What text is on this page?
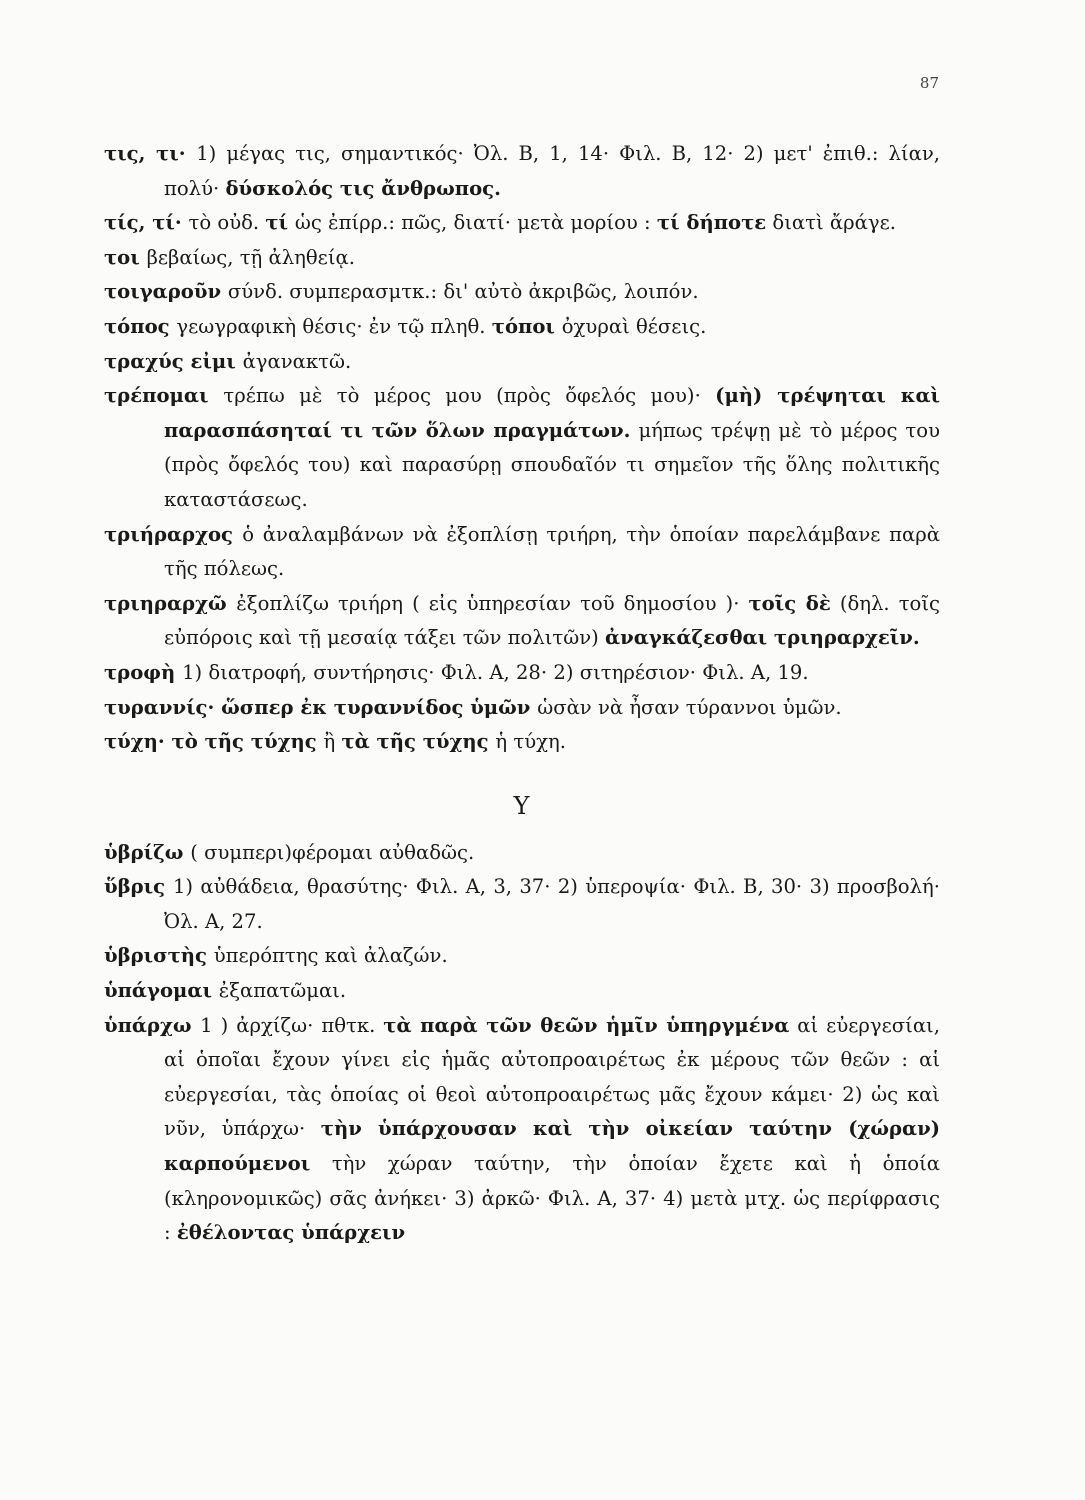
87
τις, τι· 1) μέγας τις, σημαντικός· Ὀλ. Β, 1, 14· Φιλ. Β, 12· 2) μετ' ἐπιθ.: λίαν, πολύ· δύσκολός τις ἄνθρωπος.
τίς, τί· τὸ οὐδ. τί ὡς ἐπίρρ.: πῶς, διατί· μετὰ μορίου : τί δήποτε διατὶ ἄράγε.
τοι βεβαίως, τῇ ἀληθείᾳ.
τοιγαροῦν σύνδ. συμπερασμτκ.: δι' αὐτὸ ἀκριβῶς, λοιπόν.
τόπος γεωγραφικὴ θέσις· ἐν τῷ πληθ. τόποι ὀχυραὶ θέσεις.
τραχύς εἰμι ἀγανακτῶ.
τρέπομαι τρέπω μὲ τὸ μέρος μου (πρὸς ὄφελός μου)· (μὴ) τρέψηται καὶ παρασπάσηταί τι τῶν ὅλων πραγμάτων. μήπως τρέψῃ μὲ τὸ μέρος του (πρὸς ὄφελός του) καὶ παρασύρῃ σπουδαῖόν τι σημεῖον τῆς ὅλης πολιτικῆς καταστάσεως.
τριήραρχος ὁ ἀναλαμβάνων νὰ ἐξοπλίσῃ τριήρη, τὴν ὁποίαν παρελάμβανε παρὰ τῆς πόλεως.
τριηραρχῶ ἐξοπλίζω τριήρη ( εἰς ὑπηρεσίαν τοῦ δημοσίου )· τοῖς δὲ (δηλ. τοῖς εὐπόροις καὶ τῇ μεσαίᾳ τάξει τῶν πολιτῶν) ἀναγκάζεσθαι τριηραρχεῖν.
τροφὴ 1) διατροφή, συντήρησις· Φιλ. Α, 28· 2) σιτηρέσιον· Φιλ. Α, 19.
τυραννίς· ὥσπερ ἐκ τυραννίδος ὑμῶν ὡσὰν νὰ ἦσαν τύραννοι ὑμῶν.
τύχη· τὸ τῆς τύχης ἢ τὰ τῆς τύχης ἡ τύχη.
Υ
ὑβρίζω ( συμπερι)φέρομαι αὐθαδῶς.
ὕβρις 1) αὐθάδεια, θρασύτης· Φιλ. Α, 3, 37· 2) ὑπεροψία· Φιλ. Β, 30· 3) προσβολή· Ὀλ. Α, 27.
ὑβριστὴς ὑπερόπτης καὶ ἀλαζών.
ὑπάγομαι ἐξαπατῶμαι.
ὑπάρχω 1 ) ἀρχίζω· πθτκ. τὰ παρὰ τῶν θεῶν ἡμῖν ὑπηργμένα αἱ εὐεργεσίαι, αἱ ὁποῖαι ἔχουν γίνει εἰς ἡμᾶς αὐτοπροαιρέτως ἐκ μέρους τῶν θεῶν : αἱ εὐεργεσίαι, τὰς ὁποίας οἱ θεοὶ αὐτοπροαιρέτως μᾶς ἔχουν κάμει· 2) ὡς καὶ νῦν, ὑπάρχω· τὴν ὑπάρχουσαν καὶ τὴν οἰκείαν ταύτην (χώραν) καρπούμενοι τὴν χώραν ταύτην, τὴν ὁποίαν ἔχετε καὶ ἡ ὁποία (κληρονομικῶς) σᾶς ἀνήκει· 3) ἀρκῶ· Φιλ. Α, 37· 4) μετὰ μτχ. ὡς περίφρασις : ἐθέλοντας ὑπάρχειν
